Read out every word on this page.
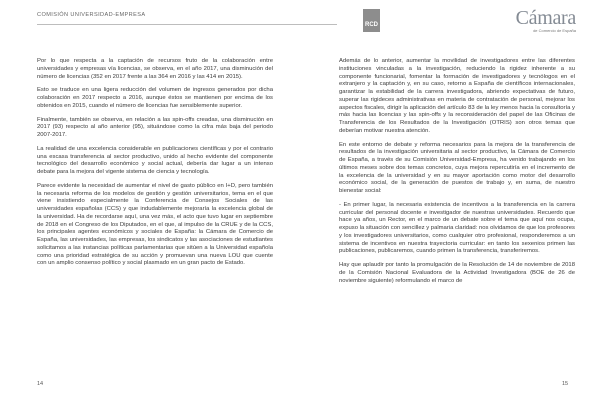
COMISIÓN UNIVERSIDAD-EMPRESA
RCD	Cámara
de Comercio de España

Por lo que respecta a la captación de recursos fruto de la colaboración entre universidades y empresas vía licencias, se observa, en el año 2017, una disminución del número de licencias (352 en 2017 frente a las 364 en 2016 y las 414 en 2015).

Esto se traduce en una ligera reducción del volumen de ingresos generados por dicha colaboración en 2017 respecto a 2016, aunque éstos se mantienen por encima de los obtenidos en 2015, cuando el número de licencias fue sensiblemente superior.

Finalmente, también se observa, en relación a las spin-offs creadas, una disminución en 2017 (93) respecto al año anterior (95), situándose como la cifra más baja del periodo 2007-2017.

La realidad de una excelencia considerable en publicaciones científicas y por el contrario una escasa transferencia al sector productivo, unido al hecho evidente del componente tecnológico del desarrollo económico y social actual, debería dar lugar a un intenso debate para la mejora del vigente sistema de ciencia y tecnología.

Parece evidente la necesidad de aumentar el nivel de gasto público en I+D, pero también la necesaria reforma de los modelos de gestión y gestión universitarios, tema en el que viene insistiendo especialmente la Conferencia de Consejos Sociales de las universidades españolas (CCS) y que indudablemente mejoraría la excelencia global de la universidad. Ha de recordarse aquí, una vez más, el acto que tuvo lugar en septiembre de 2018 en el Congreso de los Diputados, en el que, al impulso de la CRUE y de la CCS, los principales agentes económicos y sociales de España: la Cámara de Comercio de España, las universidades, las empresas, los sindicatos y las asociaciones de estudiantes solicitamos a las instancias políticas parlamentarias que sitúen a la Universidad española como una prioridad estratégica de su acción y promuevan una nueva LOU que cuente con un amplio consenso político y social plasmado en un gran pacto de Estado.

Además de lo anterior, aumentar la movilidad de investigadores entre las diferentes instituciones vinculadas a la investigación, reduciendo la rigidez inherente a su componente funcionarial, fomentar la formación de investigadores y tecnólogos en el extranjero y la captación y, en su caso, retorno a España de científicos internacionales, garantizar la estabilidad de la carrera investigadora, abriendo expectativas de futuro, superar las rigideces administrativas en materia de contratación de personal, mejorar los aspectos fiscales, dirigir la aplicación del artículo 83 de la ley menos hacia la consultoría y más hacia las licencias y las spin-offs y la reconsideración del papel de las Oficinas de Transferencia de los Resultados de la Investigación (OTRIS) son otros temas que deberían motivar nuestra atención.

En este entorno de debate y reforma necesarios para la mejora de la transferencia de resultados de la investigación universitaria al sector productivo, la Cámara de Comercio de España, a través de su Comisión Universidad-Empresa, ha venido trabajando en los últimos meses sobre dos temas concretos, cuya mejora repercutiría en el incremento de la excelencia de la universidad y en su mayor aportación como motor del desarrollo económico social, de la generación de puestos de trabajo y, en suma, de nuestro bienestar social:

- En primer lugar, la necesaria existencia de incentivos a la transferencia en la carrera curricular del personal docente e investigador de nuestras universidades. Recuerdo que hace ya años, un Rector, en el marco de un debate sobre el tema que aquí nos ocupa, expuso la situación con sencillez y palmaria claridad: nos olvidamos de que los profesores y los investigadores universitarios, como cualquier otro profesional, responderemos a un sistema de incentivos en nuestra trayectoria curricular: en tanto los sexenios primen las publicaciones, publicaremos, cuando primen la transferencia, transferiremos.

Hay que aplaudir por tanto la promulgación de la Resolución de 14 de noviembre de 2018 de la Comisión Nacional Evaluadora de la Actividad Investigadora (BOE de 26 de noviembre siguiente) reformulando el marco de

14	15
